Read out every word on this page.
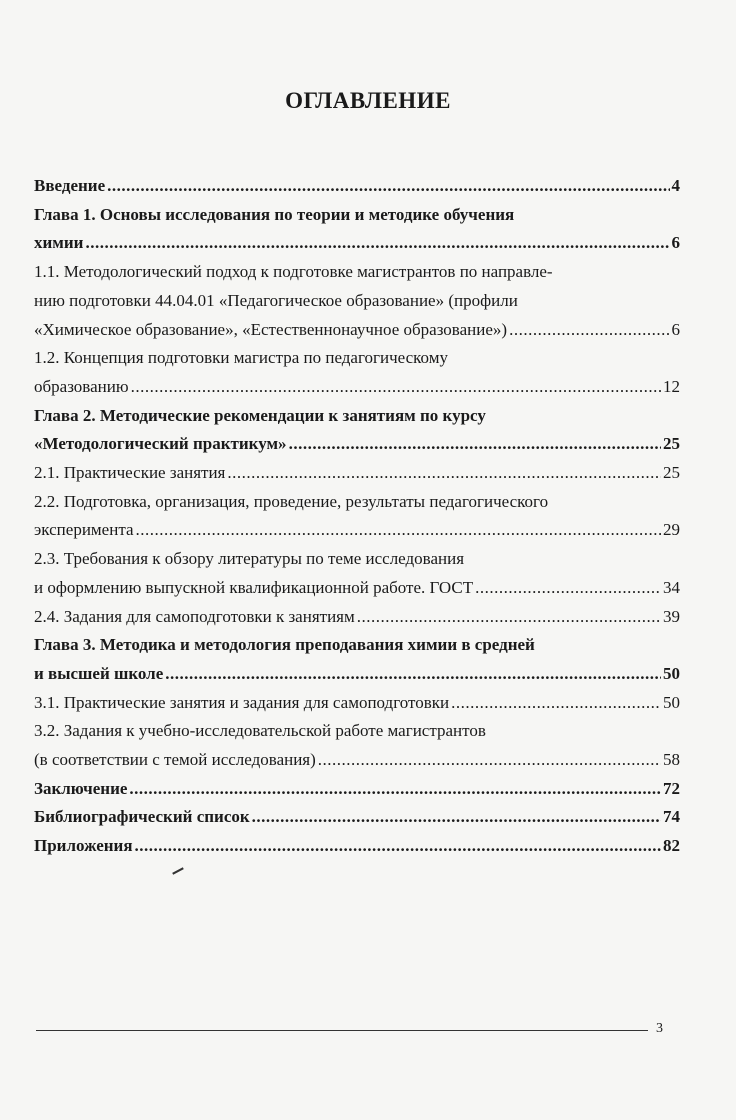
ОГЛАВЛЕНИЕ
Введение .....	4
Глава 1. Основы исследования по теории и методике обучения
химии .....	6
1.1. Методологический подход к подготовке магистрантов по направле-
нию подготовки 44.04.01 «Педагогическое образование» (профили
«Химическое образование», «Естественнонаучное образование») .....	6
1.2. Концепция подготовки магистра по педагогическому
образованию .....	12
Глава 2. Методические рекомендации к занятиям по курсу
«Методологический практикум» .....	25
2.1. Практические занятия .....	25
2.2. Подготовка, организация, проведение, результаты педагогического
эксперимента .....	29
2.3. Требования к обзору литературы по теме исследования
и оформлению выпускной квалификационной работе. ГОСТ .....	34
2.4. Задания для самоподготовки к занятиям .....	39
Глава 3. Методика и методология преподавания химии в средней
и высшей школе .....	50
3.1. Практические занятия и задания для самоподготовки .....	50
3.2. Задания к учебно-исследовательской работе магистрантов
(в соответствии с темой исследования) .....	58
Заключение .....	72
Библиографический список .....	74
Приложения .....	82
3
